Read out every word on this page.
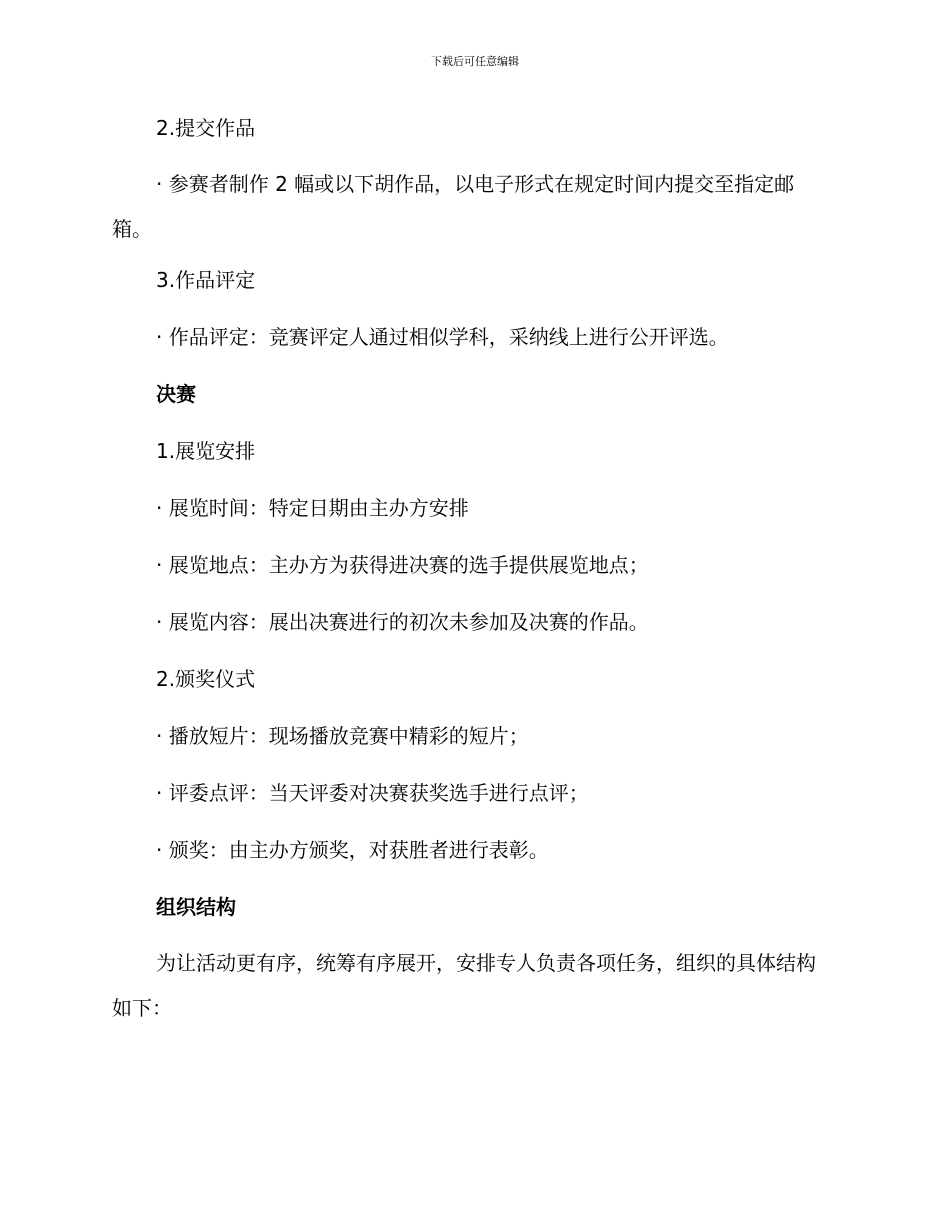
下载后可任意编辑
2.提交作品
· 参赛者制作 2 幅或以下胡作品，以电子形式在规定时间内提交至指定邮箱。
3.作品评定
· 作品评定：竞赛评定人通过相似学科，采纳线上进行公开评选。
决赛
1.展览安排
· 展览时间：特定日期由主办方安排
· 展览地点：主办方为获得进决赛的选手提供展览地点；
· 展览内容：展出决赛进行的初次未参加及决赛的作品。
2.颁奖仪式
· 播放短片：现场播放竞赛中精彩的短片；
· 评委点评：当天评委对决赛获奖选手进行点评；
· 颁奖：由主办方颁奖，对获胜者进行表彰。
组织结构
为让活动更有序，统筹有序展开，安排专人负责各项任务，组织的具体结构如下：
